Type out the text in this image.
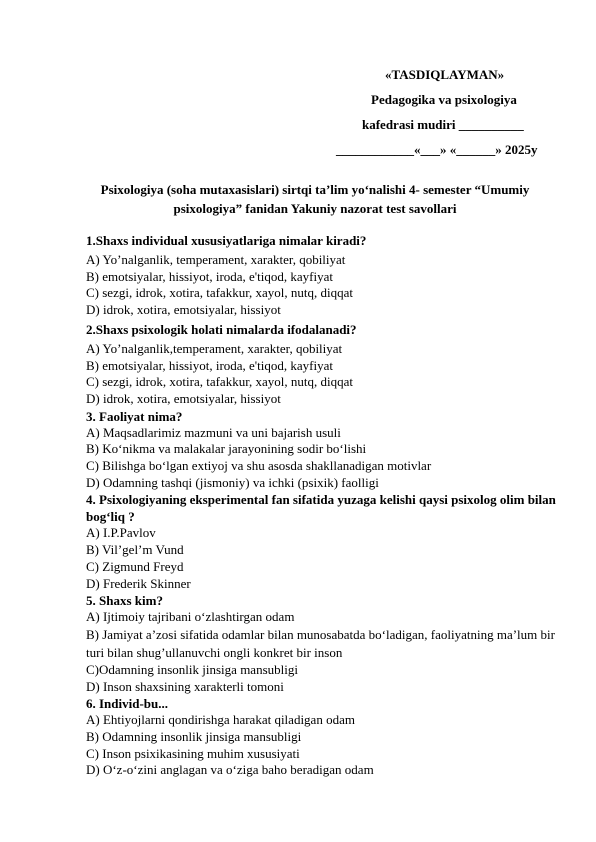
«TASDIQLAYMAN»
Pedagogika va psixologiya
kafedrasi mudiri __________
____________«___» «______» 2025y
Psixologiya (soha mutaxasislari) sirtqi ta’lim yo‘nalishi 4- semester “Umumiy psixologiya” fanidan Yakuniy nazorat test savollari
1.Shaxs individual xususiyatlariga nimalar kiradi?
A) Yo’nalganlik, temperament, xarakter, qobiliyat
B) emotsiyalar, hissiyot, iroda, e'tiqod, kayfiyat
C) sezgi, idrok, xotira, tafakkur, xayol, nutq, diqqat
D) idrok, xotira, emotsiyalar, hissiyot
2.Shaxs psixologik holati nimalarda ifodalanadi?
A) Yo’nalganlik,temperament, xarakter, qobiliyat
B) emotsiyalar, hissiyot, iroda, e'tiqod, kayfiyat
C) sezgi, idrok, xotira, tafakkur, xayol, nutq, diqqat
D) idrok, xotira, emotsiyalar, hissiyot
3. Faoliyat nima?
A) Maqsadlarimiz mazmuni va uni bajarish usuli
B) Ko‘nikma va malakalar jarayonining sodir bo‘lishi
C) Bilishga bo‘lgan extiyoj va shu asosda shakllanadigan motivlar
D) Odamning tashqi (jismoniy) va ichki (psixik) faolligi
4. Psixologiyaning eksperimental fan sifatida yuzaga kelishi qaysi psixolog olim bilan bog‘liq ?
A) I.P.Pavlov
B) Vil’gel’m Vund
C) Zigmund Freyd
D) Frederik Skinner
5. Shaxs kim?
A) Ijtimoiy tajribani o‘zlashtirgan odam
B) Jamiyat a’zosi sifatida odamlar bilan munosabatda bo‘ladigan, faoliyatning ma’lum bir turi bilan shug’ullanuvchi ongli konkret bir inson
C)Odamning insonlik jinsiga mansubligi
D) Inson shaxsining xarakterli tomoni
6. Individ-bu...
A) Ehtiyojlarni qondirishga harakat qiladigan odam
B) Odamning insonlik jinsiga mansubligi
C) Inson psixikasining muhim xususiyati
D) O‘z-o‘zini anglagan va o‘ziga baho beradigan odam
